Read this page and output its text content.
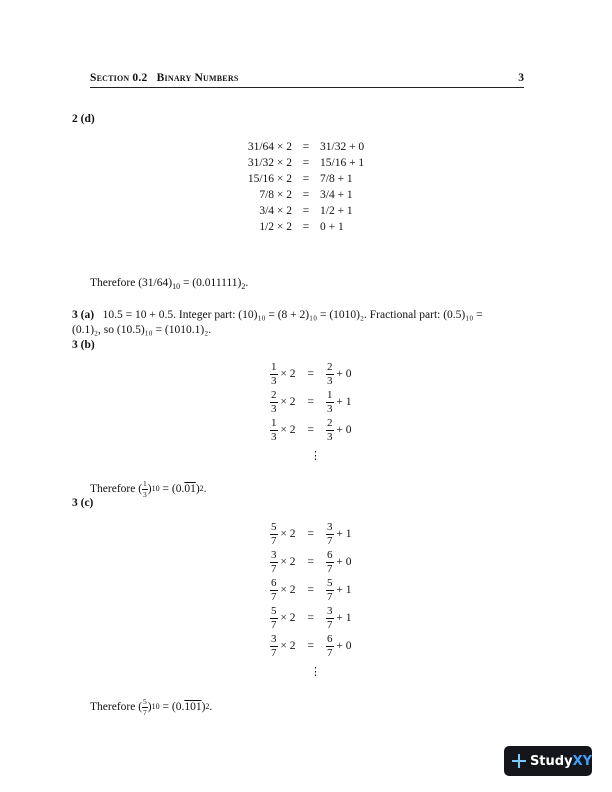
Section 0.2 Binary Numbers	3
2 (d)
31/64 × 2 = 31/32 + 0
31/32 × 2 = 15/16 + 1
15/16 × 2 = 7/8 + 1
7/8 × 2 = 3/4 + 1
3/4 × 2 = 1/2 + 1
1/2 × 2 = 0 + 1
Therefore $(31/64)_{10} = (0.011111)_2$.
3 (a) 10.5 = 10 + 0.5. Integer part: (10)₁₀ = (8 + 2)₁₀ = (1010)₂. Fractional part: (0.5)₁₀ =
(0.1)₂, so (10.5)₁₀ = (1010.1)₂.
3 (b)
$\frac{1}{3} \times 2 = \frac{2}{3} + 0$
$\frac{2}{3} \times 2 = \frac{1}{3} + 1$
$\frac{1}{3} \times 2 = \frac{2}{3} + 0$
⋮
Therefore ( $\frac{1}{3}$ ) 10 = (0. 01 ) 2 .
3 (c)
$\frac{5}{7} \times 2 = \frac{3}{7} + 1$
$\frac{3}{7} \times 2 = \frac{6}{7} + 0$
$\frac{6}{7} \times 2 = \frac{5}{7} + 1$
$\frac{5}{7} \times 2 = \frac{3}{7} + 1$
$\frac{3}{7} \times 2 = \frac{6}{7} + 0$
⋮
Therefore ( $\frac{5}{7}$ ) 10 = (0. 101 ) 2 .
Study XY
